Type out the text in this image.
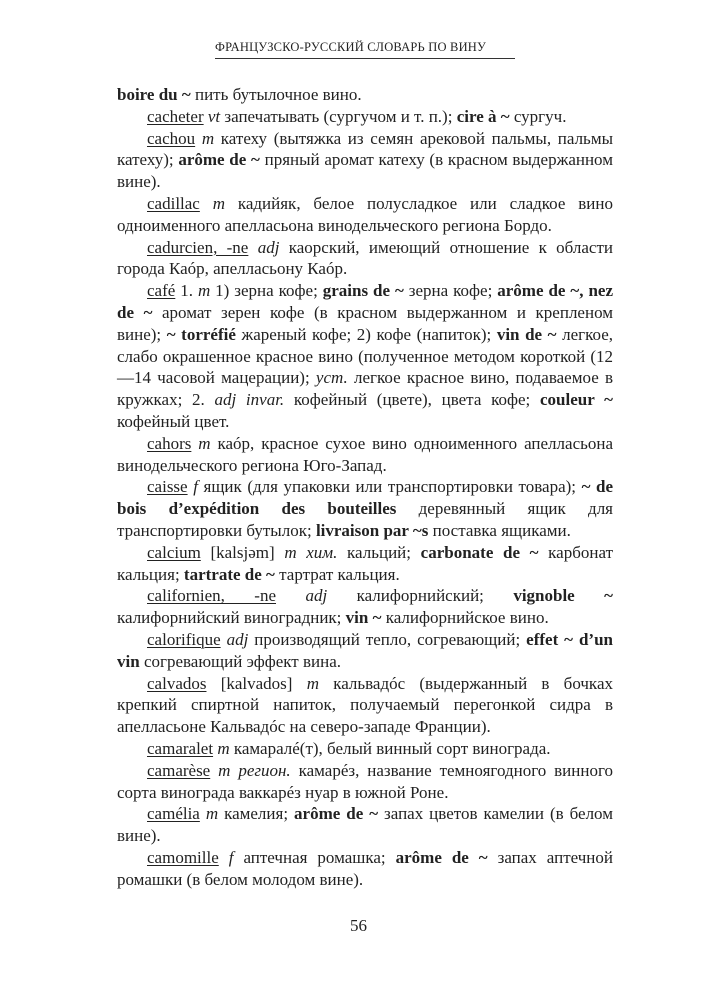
ФРАНЦУЗСКО-РУССКИЙ СЛОВАРЬ ПО ВИНУ

boire du ~ пить бутылочное вино.

cacheter vt запечатывать (сургучом и т. п.); cire à ~ сургуч.

cachou m катеху (вытяжка из семян арековой пальмы, пальмы катеху); arôme de ~ пряный аромат катеху (в красном выдержанном вине).

cadillac m кадийяк, белое полусладкое или сладкое вино одноименного апелласьона винодельческого региона Бордо.

cadurcien, -ne adj каорский, имеющий отношение к области города Каóр, апелласьону Каóр.

café 1. m 1) зерна кофе; grains de ~ зерна кофе; arôme de ~, nez de ~ аромат зерен кофе (в красном выдержанном и крепленом вине); ~ torréfié жареный кофе; 2) кофе (напиток); vin de ~ легкое, слабо окрашенное красное вино (полученное методом короткой (12—14 часовой мацерации); уст. легкое красное вино, подаваемое в кружках; 2. adj invar. кофейный (цвете), цвета кофе; couleur ~ кофейный цвет.

cahors m каóр, красное сухое вино одноименного апелласьона винодельческого региона Юго-Запад.

caisse f ящик (для упаковки или транспортировки товара); ~ de bois d’expédition des bouteilles деревянный ящик для транспортировки бутылок; livraison par ~s поставка ящиками.

calcium [kalsjəm] m хим. кальций; carbonate de ~ карбонат кальция; tartrate de ~ тартрат кальция.

californien, -ne adj калифорнийский; vignoble ~ калифорнийский виноградник; vin ~ калифорнийское вино.

calorifique adj производящий тепло, согревающий; effet ~ d’un vin согревающий эффект вина.

calvados [kalvados] m кальвадóс (выдержанный в бочках крепкий спиртной напиток, получаемый перегонкой сидра в апелласьоне Кальвадóс на северо-западе Франции).

camaralet m камаралé(т), белый винный сорт винограда.

camarèse m регион. камарéз, название темноягодного винного сорта винограда ваккарéз нуар в южной Роне.

camélia m камелия; arôme de ~ запах цветов камелии (в белом вине).

camomille f аптечная ромашка; arôme de ~ запах аптечной ромашки (в белом молодом вине).

56
